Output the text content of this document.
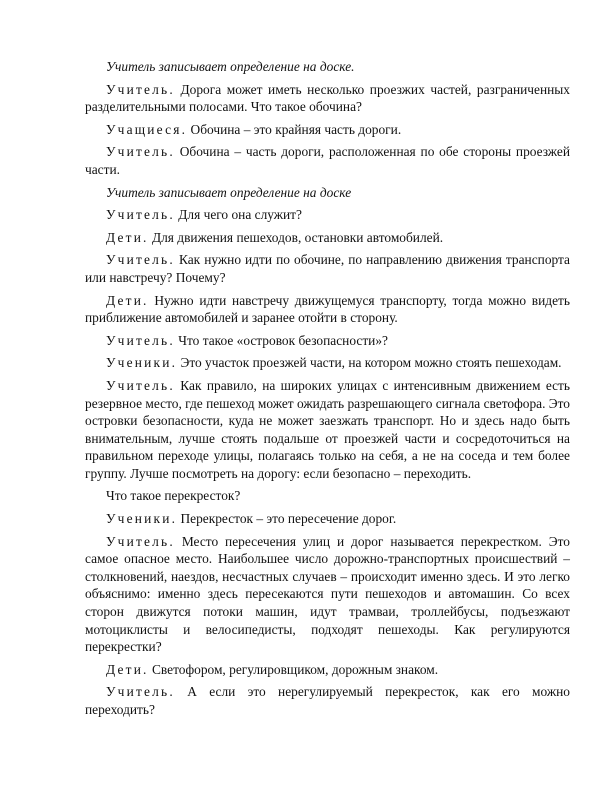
Учитель записывает определение на доске.

Учитель. Дорога может иметь несколько проезжих частей, разграниченных разделительными полосами. Что такое обочина?

Учащиеся. Обочина – это крайняя часть дороги.

Учитель. Обочина – часть дороги, расположенная по обе стороны проезжей части.

Учитель записывает определение на доске

Учитель. Для чего она служит?

Дети. Для движения пешеходов, остановки автомобилей.

Учитель. Как нужно идти по обочине, по направлению движения транспорта или навстречу? Почему?

Дети. Нужно идти навстречу движущемуся транспорту, тогда можно видеть приближение автомобилей и заранее отойти в сторону.

Учитель. Что такое «островок безопасности»?

Ученики. Это участок проезжей части, на котором можно стоять пешеходам.

Учитель. Как правило, на широких улицах с интенсивным движением есть резервное место, где пешеход может ожидать разрешающего сигнала светофора. Это островки безопасности, куда не может заезжать транспорт. Но и здесь надо быть внимательным, лучше стоять подальше от проезжей части и сосредоточиться на правильном переходе улицы, полагаясь только на себя, а не на соседа и тем более группу. Лучше посмотреть на дорогу: если безопасно – переходить.

Что такое перекресток?

Ученики. Перекресток – это пересечение дорог.

Учитель. Место пересечения улиц и дорог называется перекрестком. Это самое опасное место. Наибольшее число дорожно-транспортных происшествий – столкновений, наездов, несчастных случаев – происходит именно здесь. И это легко объяснимо: именно здесь пересекаются пути пешеходов и автомашин. Со всех сторон движутся потоки машин, идут трамваи, троллейбусы, подъезжают мотоциклисты и велосипедисты, подходят пешеходы. Как регулируются перекрестки?

Дети. Светофором, регулировщиком, дорожным знаком.

Учитель. А если это нерегулируемый перекресток, как его можно переходить?
